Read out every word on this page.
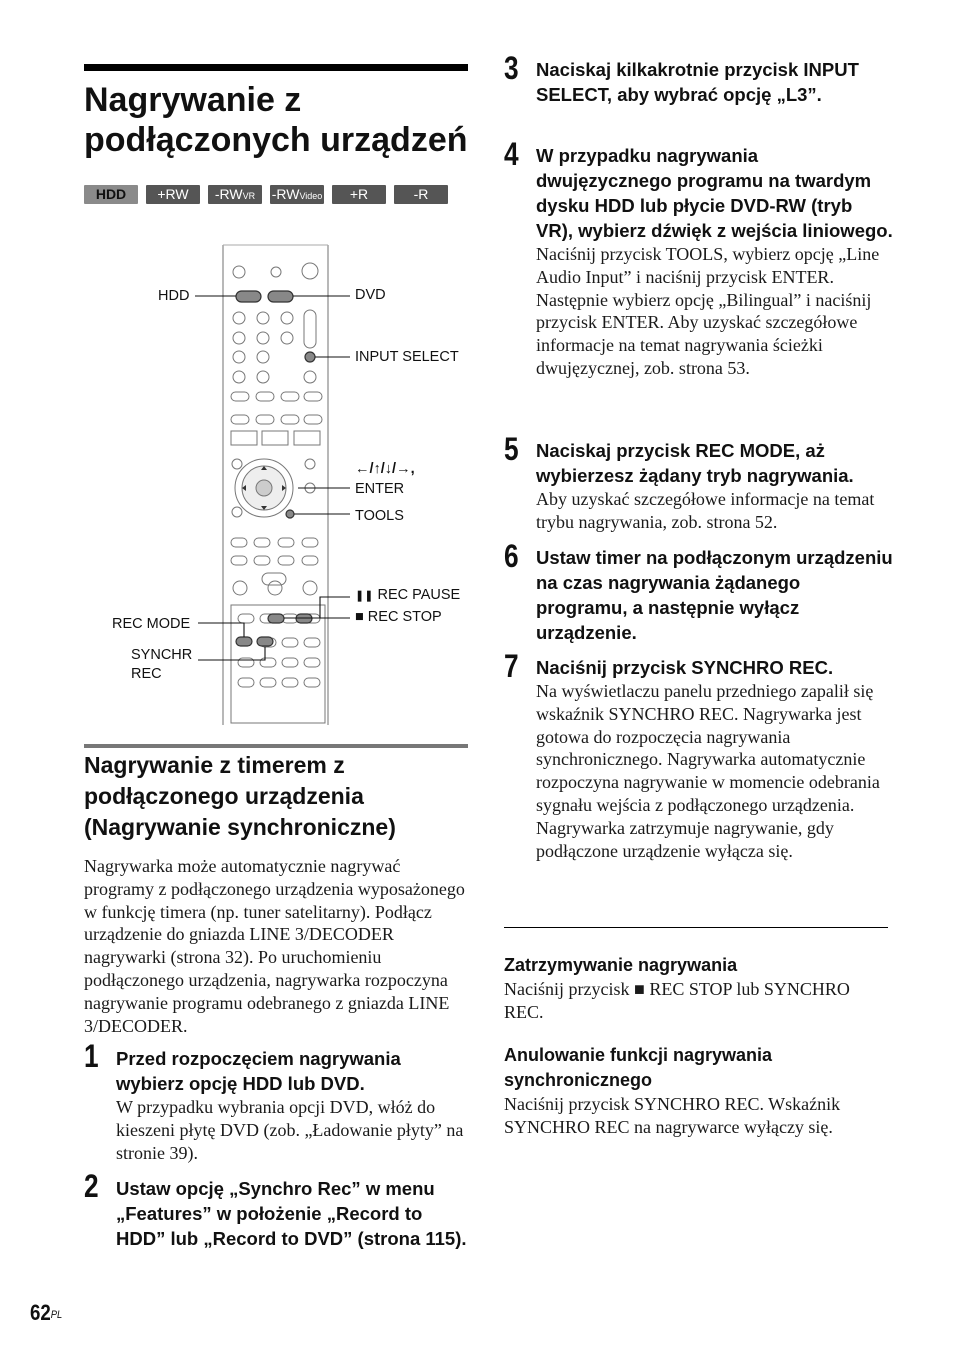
Nagrywanie z podłączonych urządzeń
HDD	+RW	-RWVR	-RWVideo	+R	-R
HDD	DVD
INPUT SELECT
←/↑/↓/→,
ENTER
TOOLS
❚❚ REC PAUSE
■ REC STOP
REC MODE
SYNCHR
REC
Nagrywanie z timerem z podłączonego urządzenia (Nagrywanie synchroniczne)

Nagrywarka może automatycznie nagrywać programy z podłączonego urządzenia wyposażonego w funkcję timera (np. tuner satelitarny). Podłącz urządzenie do gniazda LINE 3/DECODER nagrywarki (strona 32). Po uruchomieniu podłączonego urządzenia, nagrywarka rozpoczyna nagrywanie programu odebranego z gniazda LINE 3/DECODER.

1 Przed rozpoczęciem nagrywania wybierz opcję HDD lub DVD.
W przypadku wybrania opcji DVD, włóż do kieszeni płytę DVD (zob. „Ładowanie płyty” na stronie 39).
2 Ustaw opcję „Synchro Rec” w menu „Features” w położenie „Record to HDD” lub „Record to DVD” (strona 115).
3 Naciskaj kilkakrotnie przycisk INPUT SELECT, aby wybrać opcję „L3”.
4 W przypadku nagrywania dwujęzycznego programu na twardym dysku HDD lub płycie DVD-RW (tryb VR), wybierz dźwięk z wejścia liniowego.
Naciśnij przycisk TOOLS, wybierz opcję „Line Audio Input” i naciśnij przycisk ENTER. Następnie wybierz opcję „Bilingual” i naciśnij przycisk ENTER. Aby uzyskać szczegółowe informacje na temat nagrywania ścieżki dwujęzycznej, zob. strona 53.
5 Naciskaj przycisk REC MODE, aż wybierzesz żądany tryb nagrywania.
Aby uzyskać szczegółowe informacje na temat trybu nagrywania, zob. strona 52.
6 Ustaw timer na podłączonym urządzeniu na czas nagrywania żądanego programu, a następnie wyłącz urządzenie.
7 Naciśnij przycisk SYNCHRO REC.
Na wyświetlaczu panelu przedniego zapalił się wskaźnik SYNCHRO REC. Nagrywarka jest gotowa do rozpoczęcia nagrywania synchronicznego. Nagrywarka automatycznie rozpoczyna nagrywanie w momencie odebrania sygnału wejścia z podłączonego urządzenia. Nagrywarka zatrzymuje nagrywanie, gdy podłączone urządzenie wyłącza się.
Zatrzymywanie nagrywania
Naciśnij przycisk ■ REC STOP lub SYNCHRO REC.
Anulowanie funkcji nagrywania synchronicznego
Naciśnij przycisk SYNCHRO REC. Wskaźnik SYNCHRO REC na nagrywarce wyłączy się.
$62^{PL}$
